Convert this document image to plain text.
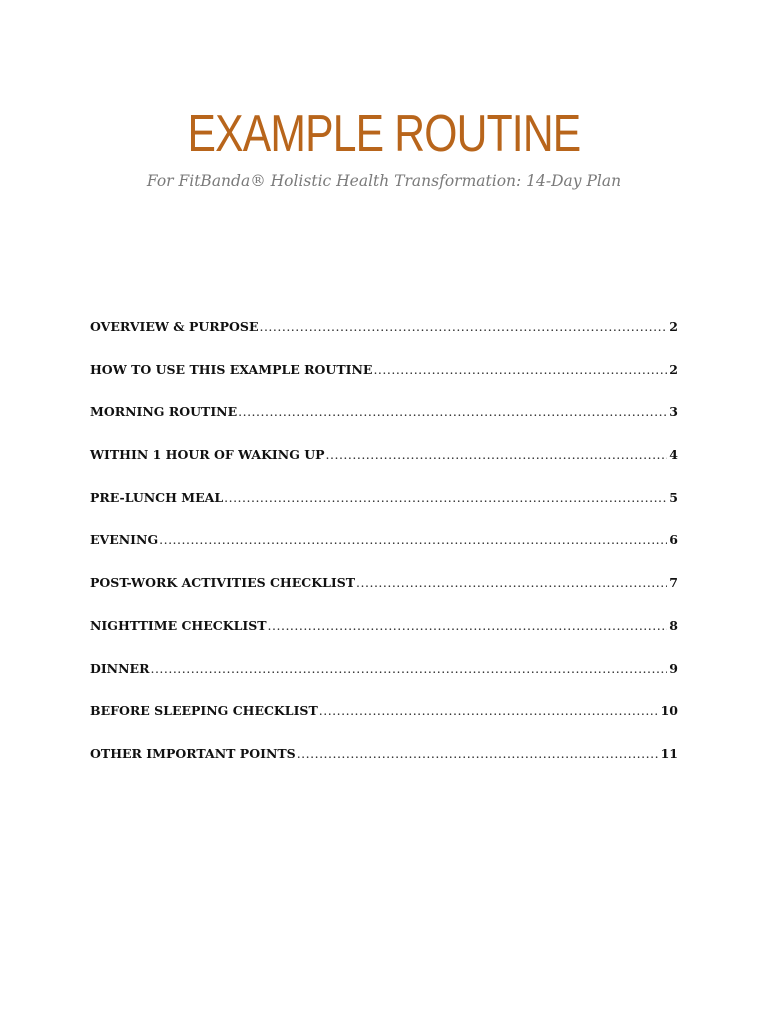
EXAMPLE ROUTINE
For FitBanda® Holistic Health Transformation: 14-Day Plan
OVERVIEW & PURPOSE .....	2
HOW TO USE THIS EXAMPLE ROUTINE .....	2
MORNING ROUTINE .....	3
WITHIN 1 HOUR OF WAKING UP .....	4
PRE-LUNCH MEAL .....	5
EVENING .....	6
POST-WORK ACTIVITIES CHECKLIST .....	7
NIGHTTIME CHECKLIST .....	8
DINNER .....	9
BEFORE SLEEPING CHECKLIST .....	10
OTHER IMPORTANT POINTS .....	11
